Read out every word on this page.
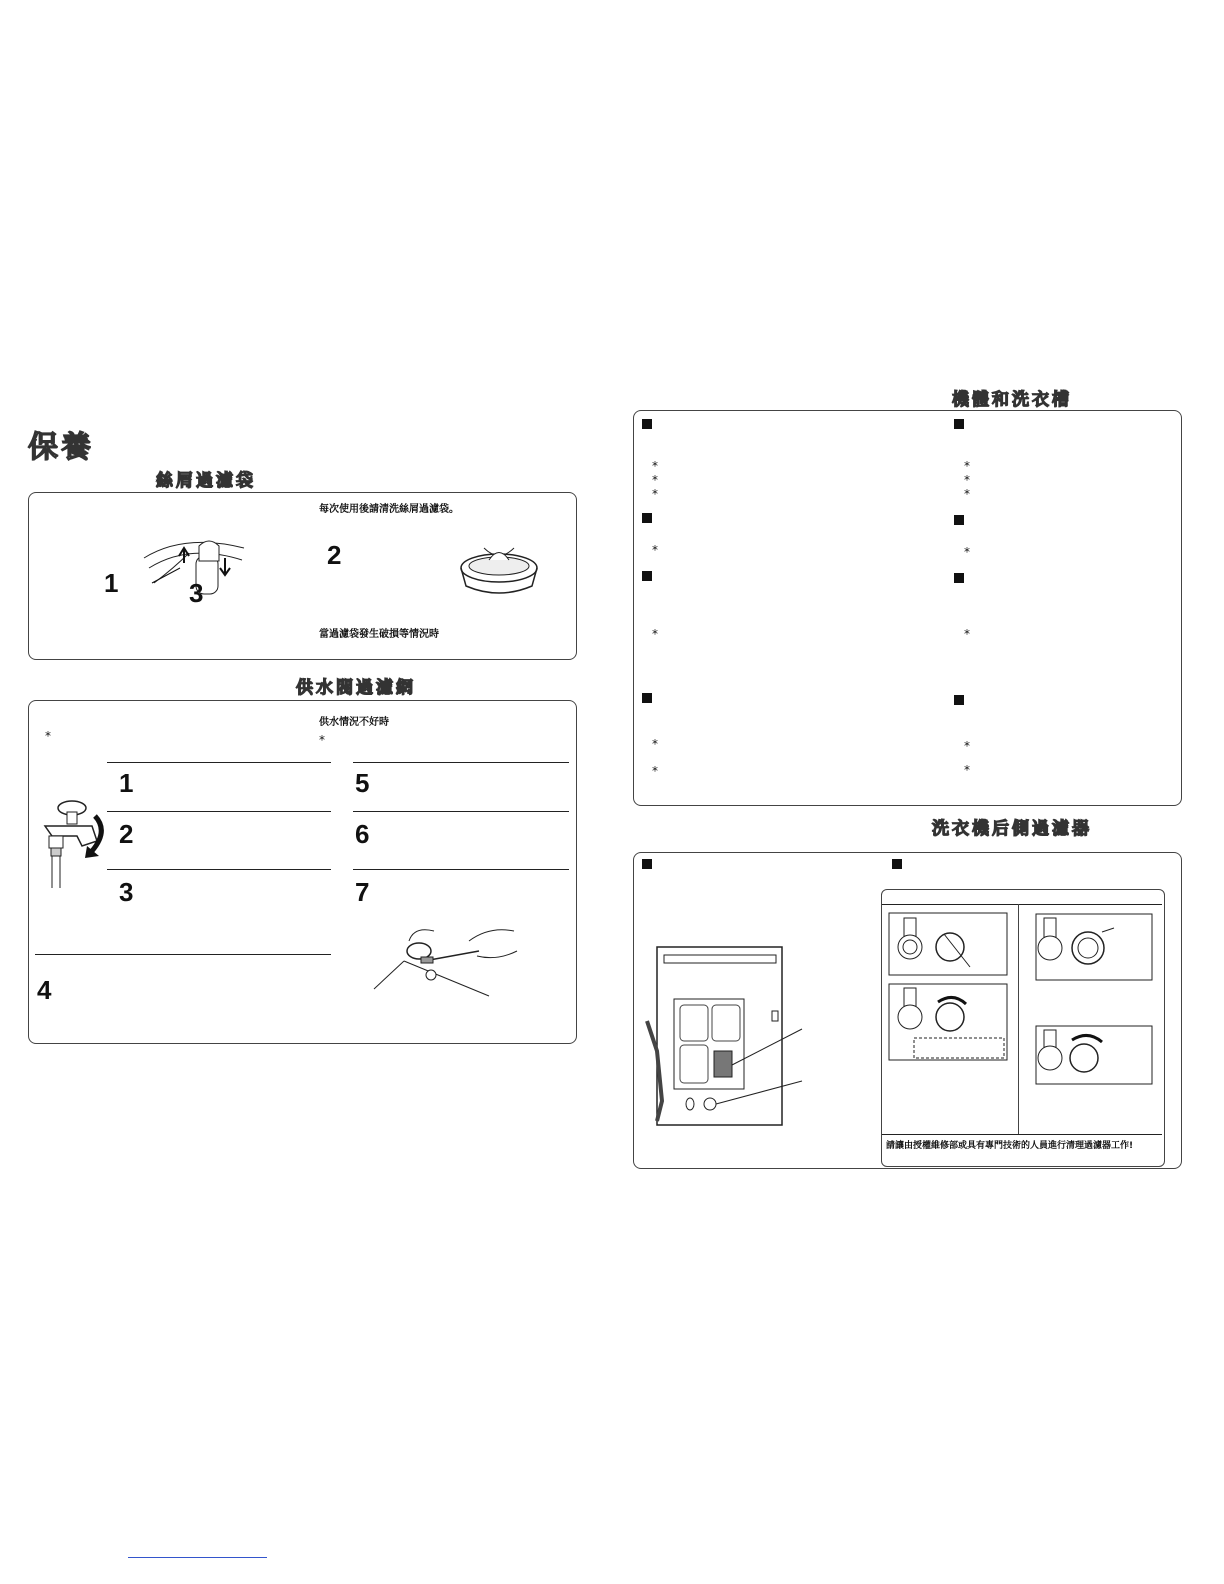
保養
絲屑過濾袋
每次使用後請清洗絲屑過濾袋。
1	3
2
當過濾袋發生破損等情況時
供水閥過濾網
供水情況不好時
*	*
1	5
2	6
3	7
4
機體和洗衣槽
*
*
*
*
*
*
*
*
*
*
*
*
*
*
洗衣機后側過濾器
請讓由授權維修部或具有專門技術的人員進行清理過濾器工作!
